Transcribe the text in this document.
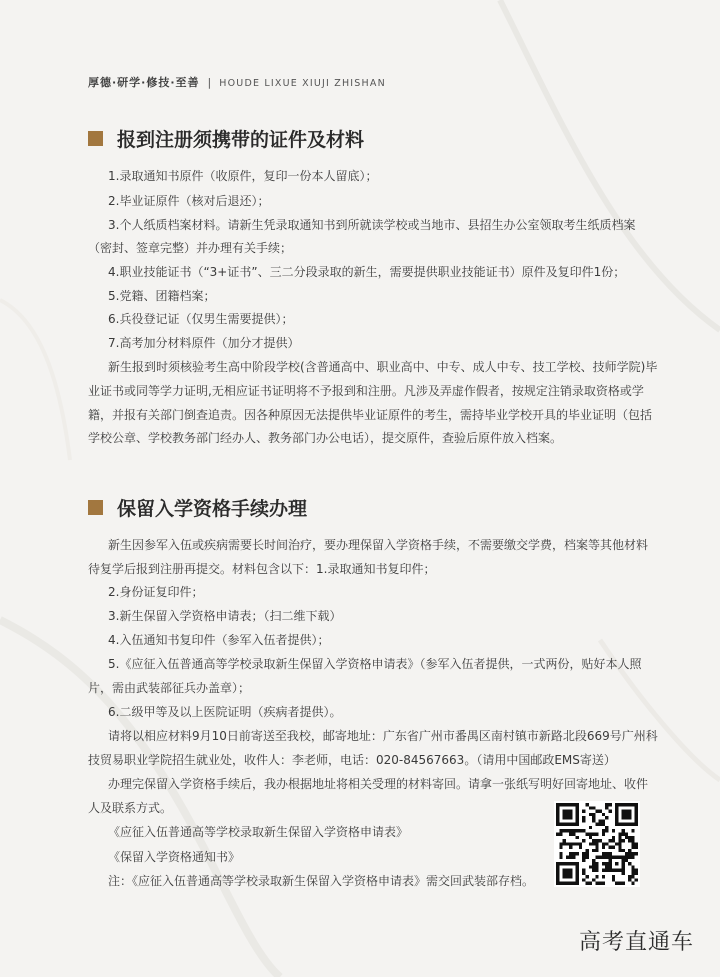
厚德·研学·修技·至善 | HOUDE LIXUE XIUJI ZHISHAN
报到注册须携带的证件及材料
1.录取通知书原件（收原件，复印一份本人留底）；
2.毕业证原件（核对后退还）；
3.个人纸质档案材料。请新生凭录取通知书到所就读学校或当地市、县招生办公室领取考生纸质档案
（密封、签章完整）并办理有关手续；
4.职业技能证书（“3+证书”、三二分段录取的新生，需要提供职业技能证书）原件及复印件1份；
5.党籍、团籍档案；
6.兵役登记证（仅男生需要提供）；
7.高考加分材料原件（加分才提供）
新生报到时须核验考生高中阶段学校(含普通高中、职业高中、中专、成人中专、技工学校、技师学院)毕
业证书或同等学力证明,无相应证书证明将不予报到和注册。凡涉及弄虚作假者，按规定注销录取资格或学
籍，并报有关部门倒查追责。因各种原因无法提供毕业证原件的考生，需持毕业学校开具的毕业证明（包括
学校公章、学校教务部门经办人、教务部门办公电话），提交原件，查验后原件放入档案。
保留入学资格手续办理
新生因参军入伍或疾病需要长时间治疗，要办理保留入学资格手续，不需要缴交学费，档案等其他材料
待复学后报到注册再提交。材料包含以下：1.录取通知书复印件；
2.身份证复印件；
3.新生保留入学资格申请表；（扫二维下载）
4.入伍通知书复印件（参军入伍者提供）；
5.《应征入伍普通高等学校录取新生保留入学资格申请表》（参军入伍者提供，一式两份，贴好本人照
片，需由武装部征兵办盖章）；
6.二级甲等及以上医院证明（疾病者提供）。
请将以相应材料9月10日前寄送至我校，邮寄地址：广东省广州市番禺区南村镇市新路北段669号广州科
技贸易职业学院招生就业处，收件人：李老师，电话：020-84567663。（请用中国邮政EMS寄送）
办理完保留入学资格手续后，我办根据地址将相关受理的材料寄回。请拿一张纸写明好回寄地址、收件
人及联系方式。
《应征入伍普通高等学校录取新生保留入学资格申请表》
《保留入学资格通知书》
注：《应征入伍普通高等学校录取新生保留入学资格申请表》需交回武装部存档。
高考直通车
